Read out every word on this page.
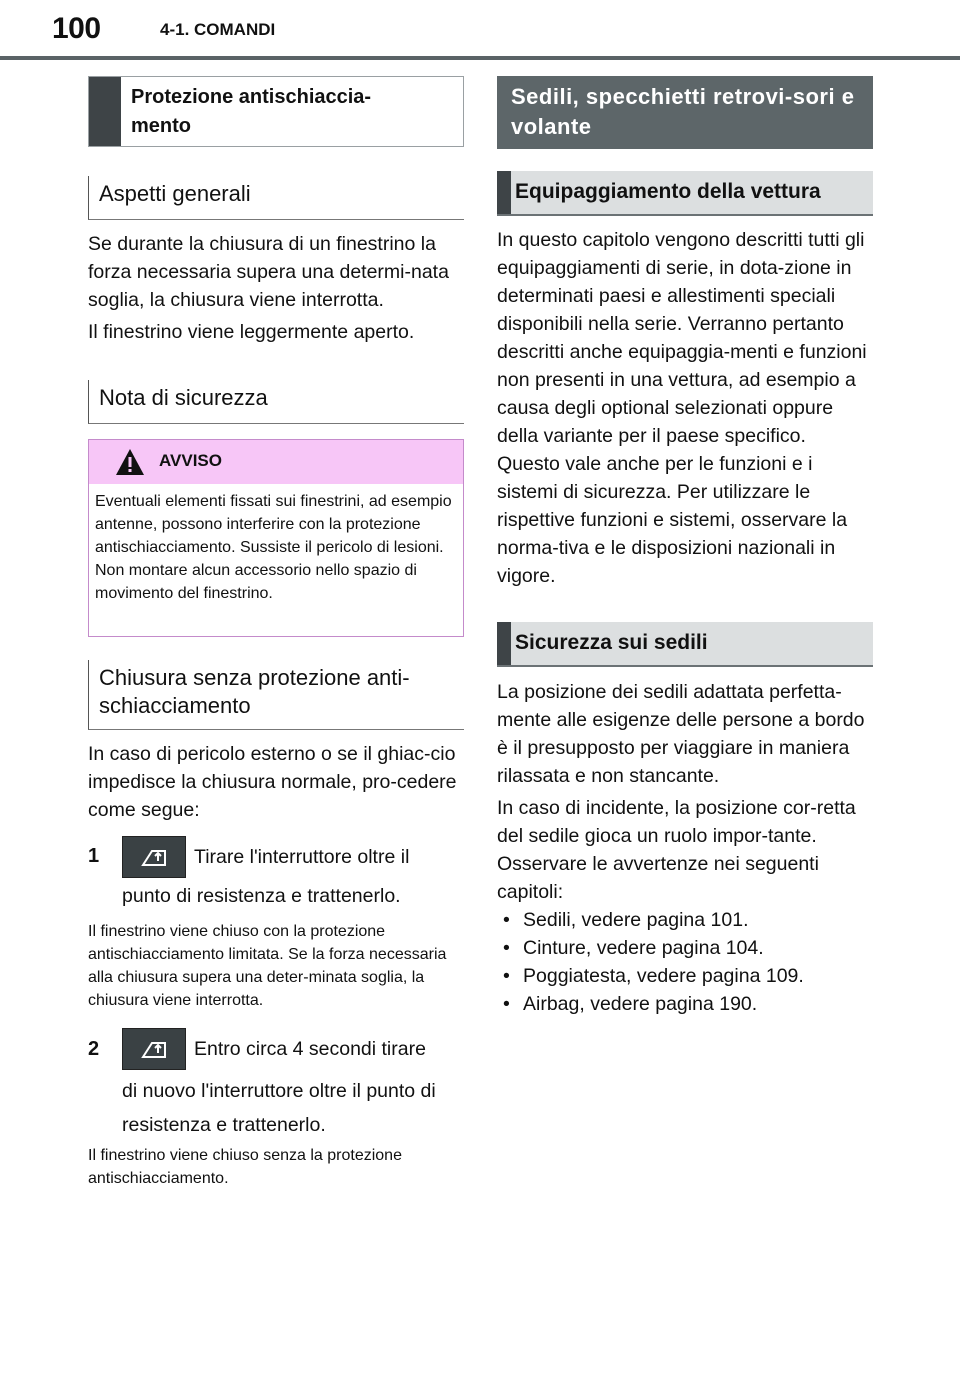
100	4-1. COMANDI
Protezione antischiaccia-mento
Aspetti generali

Se durante la chiusura di un finestrino la forza necessaria supera una determi-nata soglia, la chiusura viene interrotta.

Il finestrino viene leggermente aperto.

Nota di sicurezza
AVVISO
Eventuali elementi fissati sui finestrini, ad esempio antenne, possono interferire con la protezione antischiacciamento. Sussiste il pericolo di lesioni. Non montare alcun accessorio nello spazio di movimento del finestrino.
Chiusura senza protezione anti-schiacciamento

In caso di pericolo esterno o se il ghiac-cio impedisce la chiusura normale, pro-cedere come segue:

1	Tirare l'interruttore oltre il
punto di resistenza e trattenerlo.

Il finestrino viene chiuso con la protezione antischiacciamento limitata. Se la forza necessaria alla chiusura supera una deter-minata soglia, la chiusura viene interrotta.

2	Entro circa 4 secondi tirare
di nuovo l'interruttore oltre il punto di resistenza e trattenerlo.

Il finestrino viene chiuso senza la protezione antischiacciamento.

Sedili, specchietti retrovi-sori e volante
Equipaggiamento della vettura

In questo capitolo vengono descritti tutti gli equipaggiamenti di serie, in dota-zione in determinati paesi e allestimenti speciali disponibili nella serie. Verranno pertanto descritti anche equipaggia-menti e funzioni non presenti in una vettura, ad esempio a causa degli optional selezionati oppure della variante per il paese specifico. Questo vale anche per le funzioni e i sistemi di sicurezza. Per utilizzare le rispettive funzioni e sistemi, osservare la norma-tiva e le disposizioni nazionali in vigore.

Sicurezza sui sedili

La posizione dei sedili adattata perfetta-mente alle esigenze delle persone a bordo è il presupposto per viaggiare in maniera rilassata e non stancante.

In caso di incidente, la posizione cor-retta del sedile gioca un ruolo impor-tante. Osservare le avvertenze nei seguenti capitoli:

• Sedili, vedere pagina 101.
• Cinture, vedere pagina 104.
• Poggiatesta, vedere pagina 109.
• Airbag, vedere pagina 190.
